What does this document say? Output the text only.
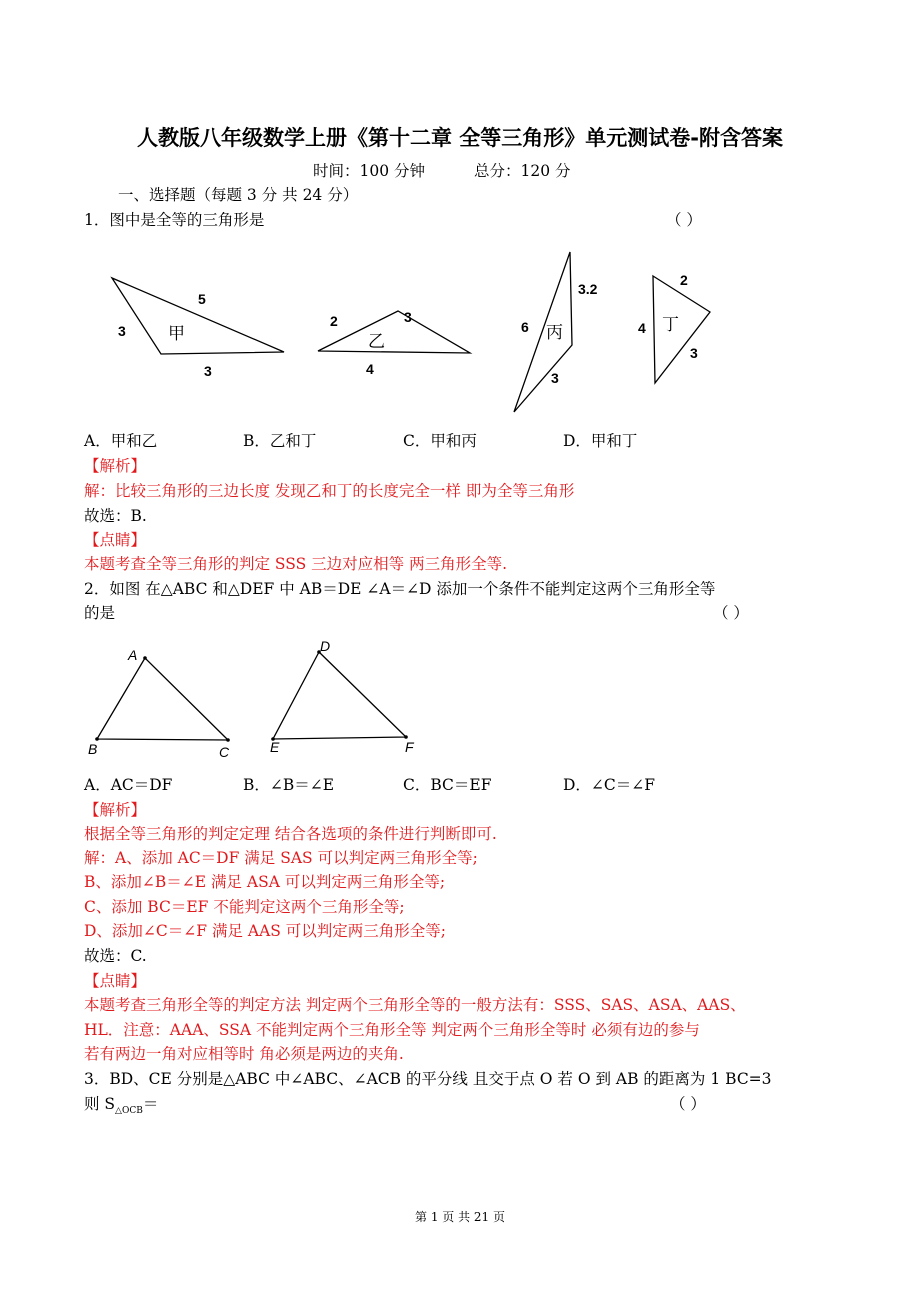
人教版八年级数学上册《第十二章 全等三角形》单元测试卷-附含答案
时间：100 分钟	总分：120 分
一、选择题（每题 3 分 共 24 分）
1．图中是全等的三角形是	（ ）
3
5
3
甲
2	3
4
乙
6
3.2
3
丙	4
2
3
丁
A．甲和乙	B．乙和丁	C．甲和丙	D．甲和丁
【解析】
解：比较三角形的三边长度 发现乙和丁的长度完全一样 即为全等三角形
故选：B.
【点睛】
本题考查全等三角形的判定 SSS 三边对应相等 两三角形全等.
2．如图 在△ABC 和△DEF 中 AB＝DE ∠A＝∠D 添加一个条件不能判定这两个三角形全等
的是	（ ）
A
B	C
D
E	F
A．AC＝DF	B．∠B＝∠E	C．BC＝EF	D．∠C＝∠F
【解析】
根据全等三角形的判定定理 结合各选项的条件进行判断即可.
解：A、添加 AC＝DF 满足 SAS 可以判定两三角形全等;
B、添加∠B＝∠E 满足 ASA 可以判定两三角形全等;
C、添加 BC＝EF 不能判定这两个三角形全等;
D、添加∠C＝∠F 满足 AAS 可以判定两三角形全等;
故选：C.
【点睛】
本题考查三角形全等的判定方法 判定两个三角形全等的一般方法有：SSS、SAS、ASA、AAS、
HL．注意：AAA、SSA 不能判定两个三角形全等 判定两个三角形全等时 必须有边的参与
若有两边一角对应相等时 角必须是两边的夹角.
3．BD、CE 分别是△ABC 中∠ABC、∠ACB 的平分线 且交于点 O 若 O 到 AB 的距离为 1 BC=3
则 $S_{\triangle OCB}=$	（ ）
第 1 页 共 21 页
